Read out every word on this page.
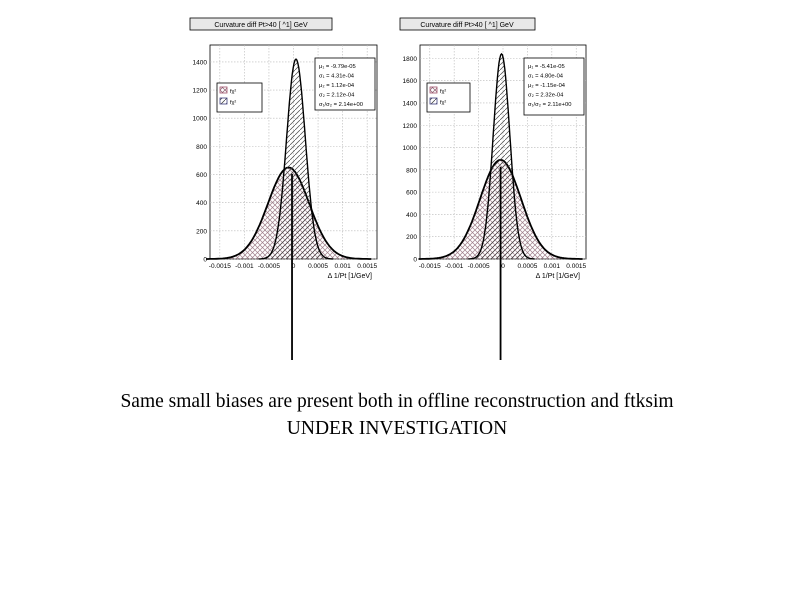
Curvature diff Pt>40 [ ^1] GeV
-0.0015 -0.001 -0.0005 0 0.0005 0.001 0.0015
0
200
400
600
800
1000
1200
1400
Δ 1/Pt [1/GeV]
fχ²
fχ²
μ₁ = -9.79e-05
σ₁ = 4.31e-04
μ₂ = 1.12e-04
σ₂ = 2.12e-04
σ₁/σ₂ = 2.14e+00
Curvature diff Pt>40 [ ^1] GeV
-0.0015 -0.001 -0.0005 0 0.0005 0.001 0.0015
0
200
400
600
800
1000
1200
1400
1600
1800
Δ 1/Pt [1/GeV]
fχ²
fχ²
μ₁ = -5.41e-05
σ₁ = 4.80e-04
μ₂ = -1.15e-04
σ₂ = 2.32e-04
σ₁/σ₂ = 2.11e+00
Same small biases are present both in offline reconstruction and ftksim
UNDER INVESTIGATION
